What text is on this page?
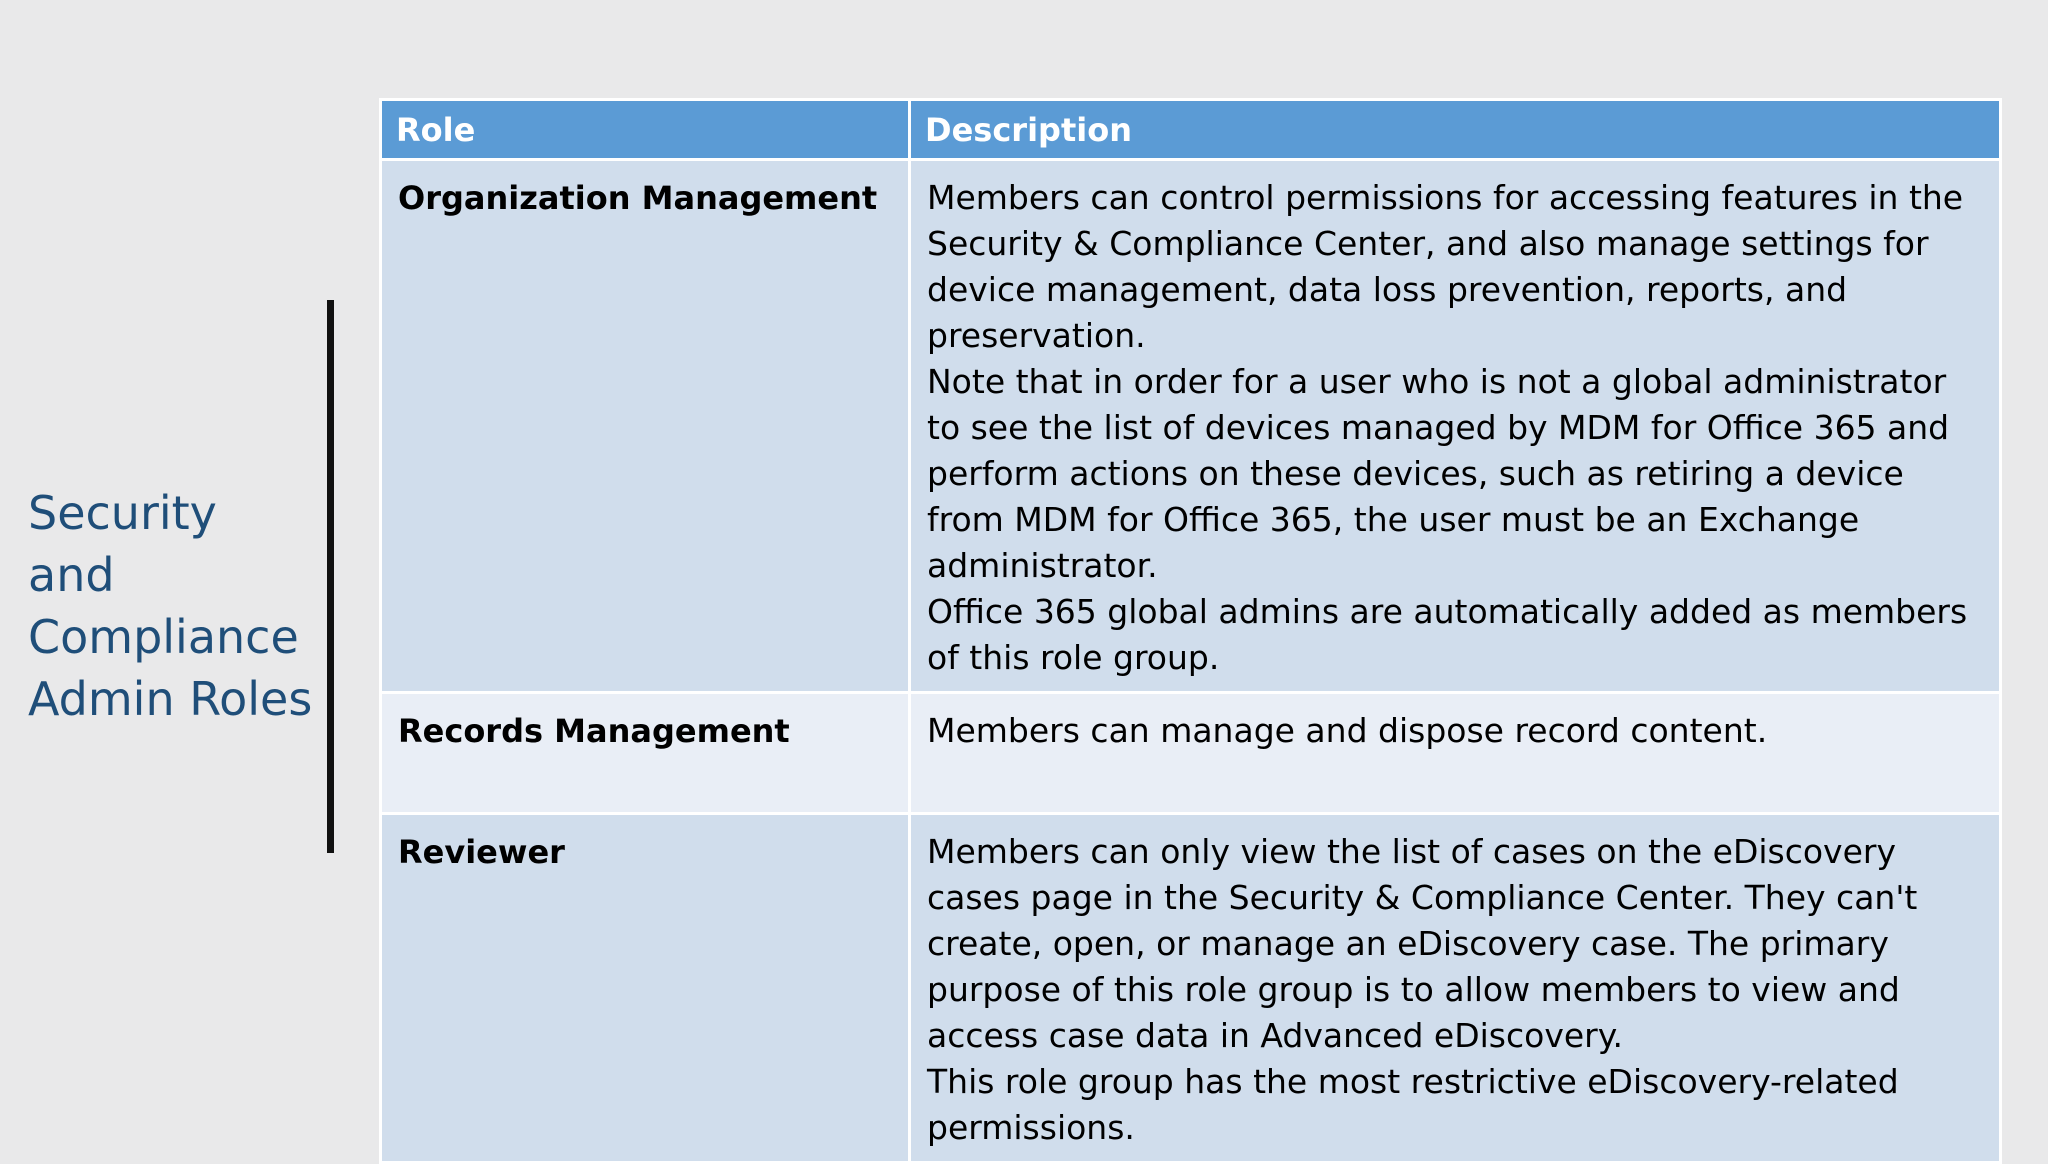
Security and
Compliance
Admin Roles
Role	Description
Organization Management	Members can control permissions for accessing features in the Security & Compliance Center, and also manage settings for device management, data loss prevention, reports, and preservation.
Note that in order for a user who is not a global administrator to see the list of devices managed by MDM for Office 365 and perform actions on these devices, such as retiring a device from MDM for Office 365, the user must be an Exchange administrator.
Office 365 global admins are automatically added as members of this role group.

Records Management	Members can manage and dispose record content.

Reviewer	Members can only view the list of cases on the eDiscovery cases page in the Security & Compliance Center. They can't create, open, or manage an eDiscovery case. The primary purpose of this role group is to allow members to view and access case data in Advanced eDiscovery.
This role group has the most restrictive eDiscovery-related permissions.
